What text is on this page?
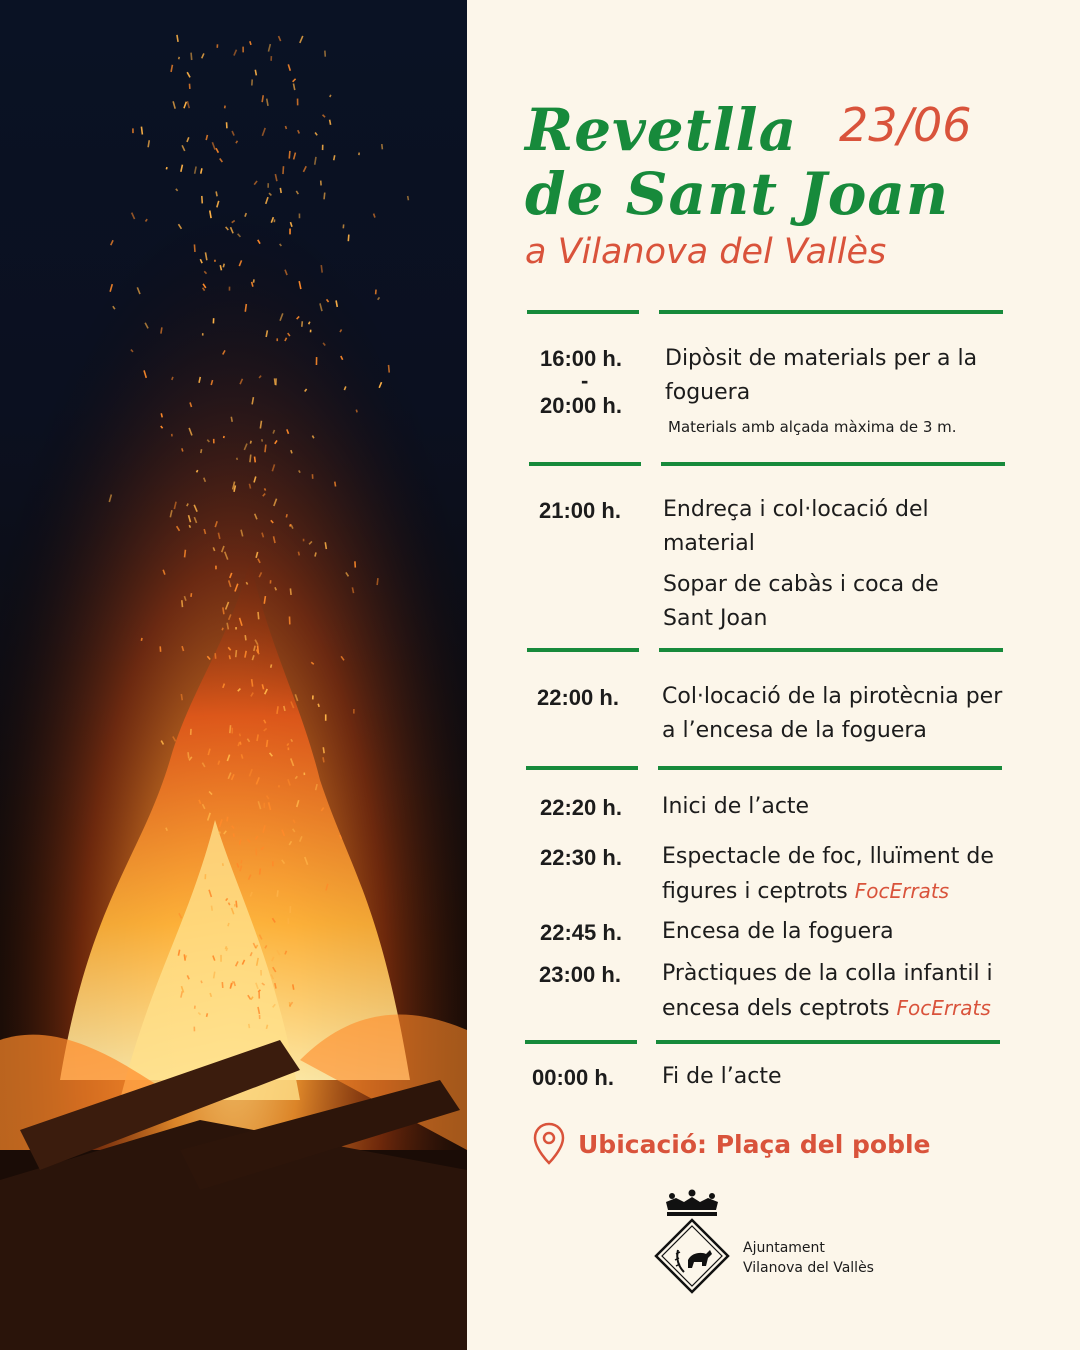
Revetlla 23/06
de Sant Joan
a Vilanova del Vallès
16:00 h.
-
20:00 h.
Dipòsit de materials per a la foguera
Materials amb alçada màxima de 3 m.
21:00 h. Endreça i col·locació del material
Sopar de cabàs i coca de Sant Joan
22:00 h. Col·locació de la pirotècnia per a l’encesa de la foguera
22:20 h. Inici de l’acte
22:30 h. Espectacle de foc, lluïment de figures i ceptrots FocErrats
22:45 h. Encesa de la foguera
23:00 h. Pràctiques de la colla infantil i encesa dels ceptrots FocErrats
00:00 h. Fi de l’acte
Ubicació: Plaça del poble
Ajuntament
Vilanova del Vallès
